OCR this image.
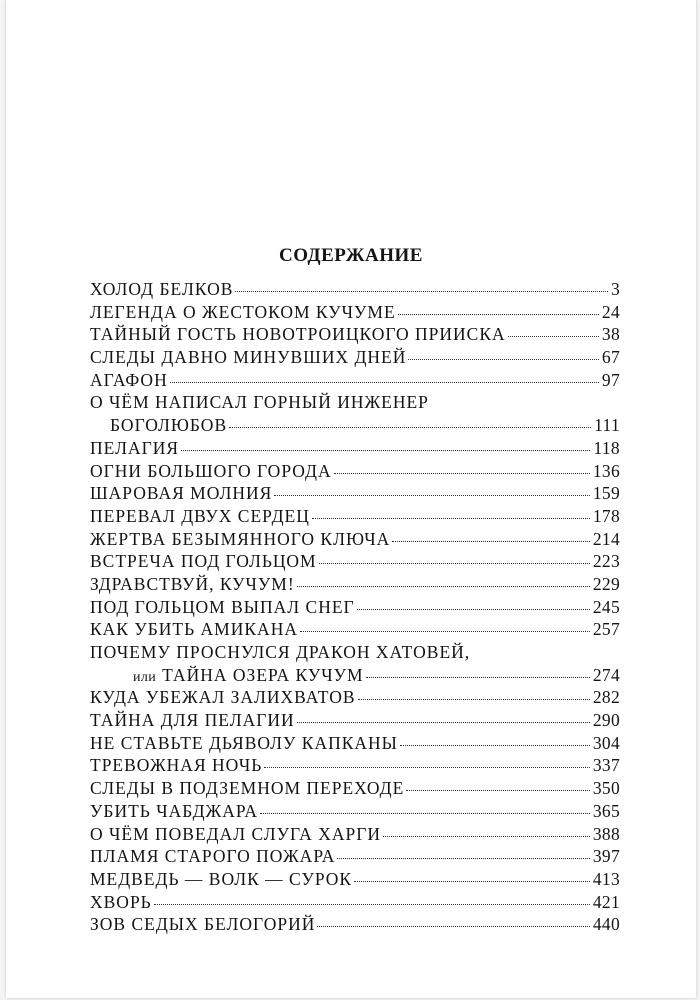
СОДЕРЖАНИЕ
ХОЛОД БЕЛКОВ	3
ЛЕГЕНДА О ЖЕСТОКОМ КУЧУМЕ	24
ТАЙНЫЙ ГОСТЬ НОВОТРОИЦКОГО ПРИИСКА	38
СЛЕДЫ ДАВНО МИНУВШИХ ДНЕЙ	67
АГАФОН	97
О ЧЁМ НАПИСАЛ ГОРНЫЙ ИНЖЕНЕР
БОГОЛЮБОВ	111
ПЕЛАГИЯ	118
ОГНИ БОЛЬШОГО ГОРОДА	136
ШАРОВАЯ МОЛНИЯ	159
ПЕРЕВАЛ ДВУХ СЕРДЕЦ	178
ЖЕРТВА БЕЗЫМЯННОГО КЛЮЧА	214
ВСТРЕЧА ПОД ГОЛЬЦОМ	223
ЗДРАВСТВУЙ, КУЧУМ!	229
ПОД ГОЛЬЦОМ ВЫПАЛ СНЕГ	245
КАК УБИТЬ АМИКАНА	257
ПОЧЕМУ ПРОСНУЛСЯ ДРАКОН ХАТОВЕЙ,
или ТАЙНА ОЗЕРА КУЧУМ	274
КУДА УБЕЖАЛ ЗАЛИХВАТОВ	282
ТАЙНА ДЛЯ ПЕЛАГИИ	290
НЕ СТАВЬТЕ ДЬЯВОЛУ КАПКАНЫ	304
ТРЕВОЖНАЯ НОЧЬ	337
СЛЕДЫ В ПОДЗЕМНОМ ПЕРЕХОДЕ	350
УБИТЬ ЧАБДЖАРА	365
О ЧЁМ ПОВЕДАЛ СЛУГА ХАРГИ	388
ПЛАМЯ СТАРОГО ПОЖАРА	397
МЕДВЕДЬ — ВОЛК — СУРОК	413
ХВОРЬ	421
ЗОВ СЕДЫХ БЕЛОГОРИЙ	440
